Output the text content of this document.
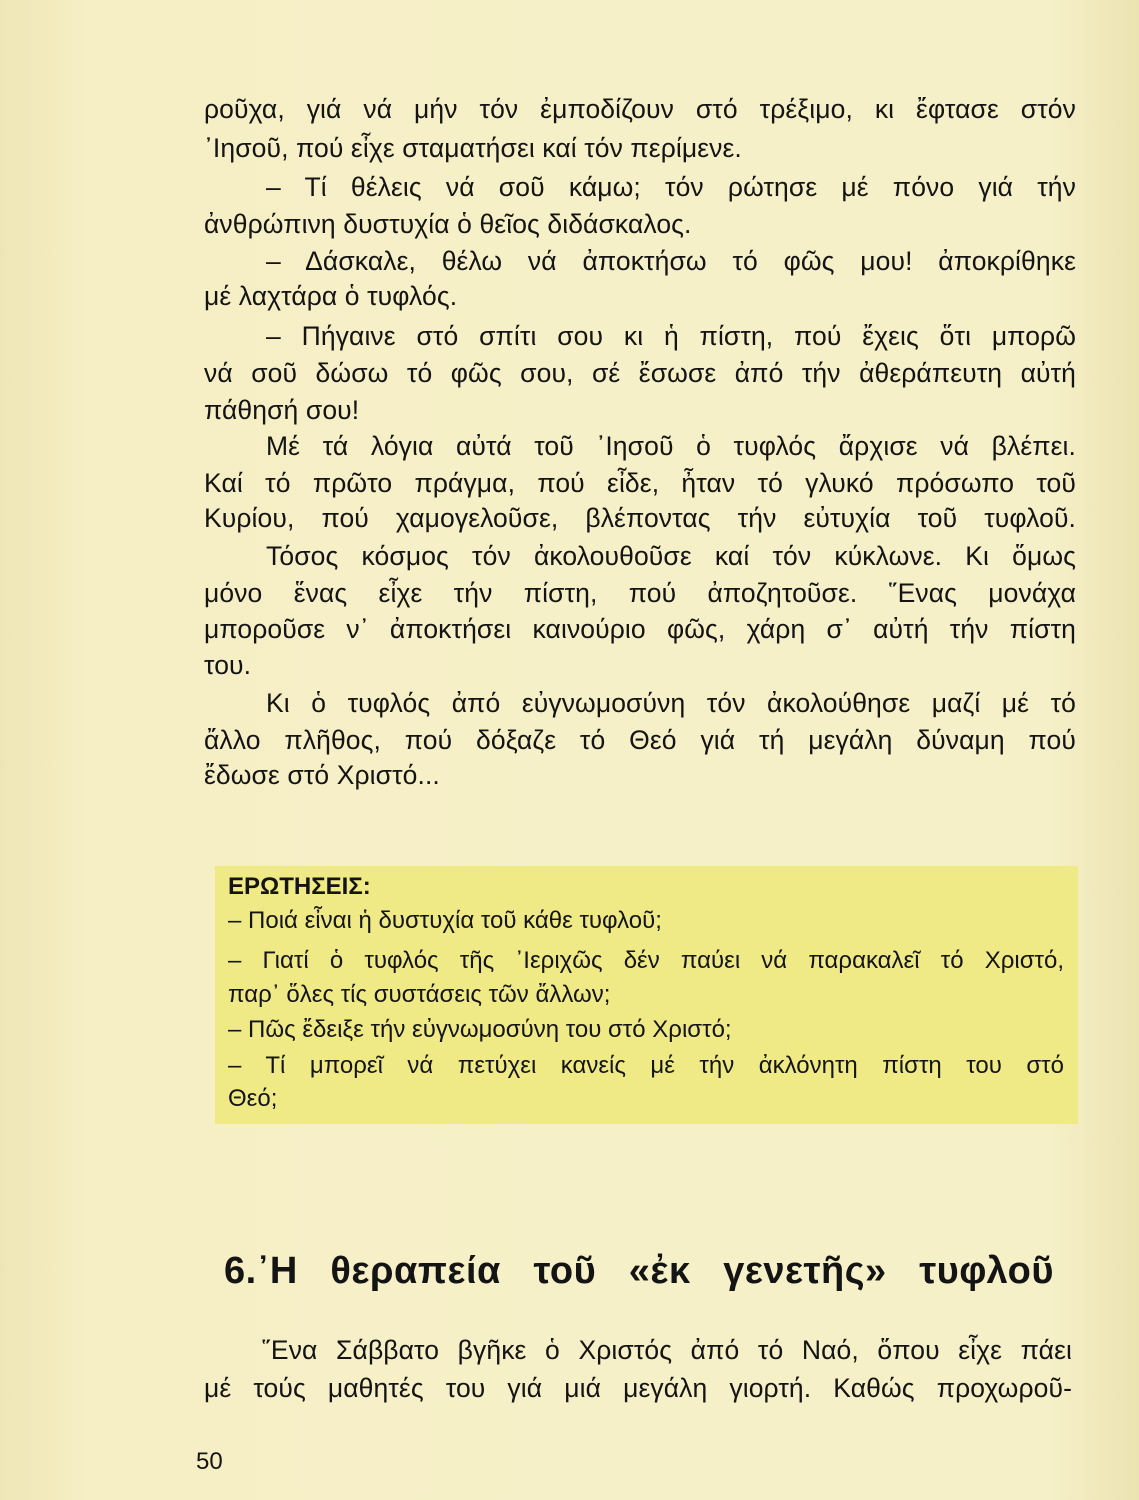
ροῦχα, γιά νά μήν τόν ἐμποδίζουν στό τρέξιμο, κι ἔφτασε στόν
᾿Ιησοῦ, πού εἶχε σταματήσει καί τόν περίμενε.
– Τί θέλεις νά σοῦ κάμω; τόν ρώτησε μέ πόνο γιά τήν
ἀνθρώπινη δυστυχία ὁ θεῖος διδάσκαλος.
– Δάσκαλε, θέλω νά ἀποκτήσω τό φῶς μου! ἀποκρίθηκε
μέ λαχτάρα ὁ τυφλός.
– Πήγαινε στό σπίτι σου κι ἡ πίστη, πού ἔχεις ὅτι μπορῶ
νά σοῦ δώσω τό φῶς σου, σέ ἔσωσε ἀπό τήν ἀθεράπευτη αὐτή
πάθησή σου!
Μέ τά λόγια αὐτά τοῦ ᾿Ιησοῦ ὁ τυφλός ἄρχισε νά βλέπει.
Καί τό πρῶτο πράγμα, πού εἶδε, ἦταν τό γλυκό πρόσωπο τοῦ
Κυρίου, πού χαμογελοῦσε, βλέποντας τήν εὐτυχία τοῦ τυφλοῦ.
Τόσος κόσμος τόν ἀκολουθοῦσε καί τόν κύκλωνε. Κι ὅμως
μόνο ἕνας εἶχε τήν πίστη, πού ἀποζητοῦσε. ῞Ενας μονάχα
μποροῦσε ν᾿ ἀποκτήσει καινούριο φῶς, χάρη σ᾿ αὐτή τήν πίστη
του.
Κι ὁ τυφλός ἀπό εὐγνωμοσύνη τόν ἀκολούθησε μαζί μέ τό
ἄλλο πλῆθος, πού δόξαζε τό Θεό γιά τή μεγάλη δύναμη πού
ἔδωσε στό Χριστό...
ΕΡΩΤΗΣΕΙΣ:
– Ποιά εἶναι ἡ δυστυχία τοῦ κάθε τυφλοῦ;
– Γιατί ὁ τυφλός τῆς ᾿Ιεριχῶς δέν παύει νά παρακαλεῖ τό Χριστό,
παρ᾿ ὅλες τίς συστάσεις τῶν ἄλλων;
– Πῶς ἔδειξε τήν εὐγνωμοσύνη του στό Χριστό;
– Τί μπορεῖ νά πετύχει κανείς μέ τήν ἀκλόνητη πίστη του στό
Θεό;
6.᾿Η θεραπεία τοῦ «ἐκ γενετῆς» τυφλοῦ
῞Ενα Σάββατο βγῆκε ὁ Χριστός ἀπό τό Ναό, ὅπου εἶχε πάει
μέ τούς μαθητές του γιά μιά μεγάλη γιορτή. Καθώς προχωροῦ-
50
